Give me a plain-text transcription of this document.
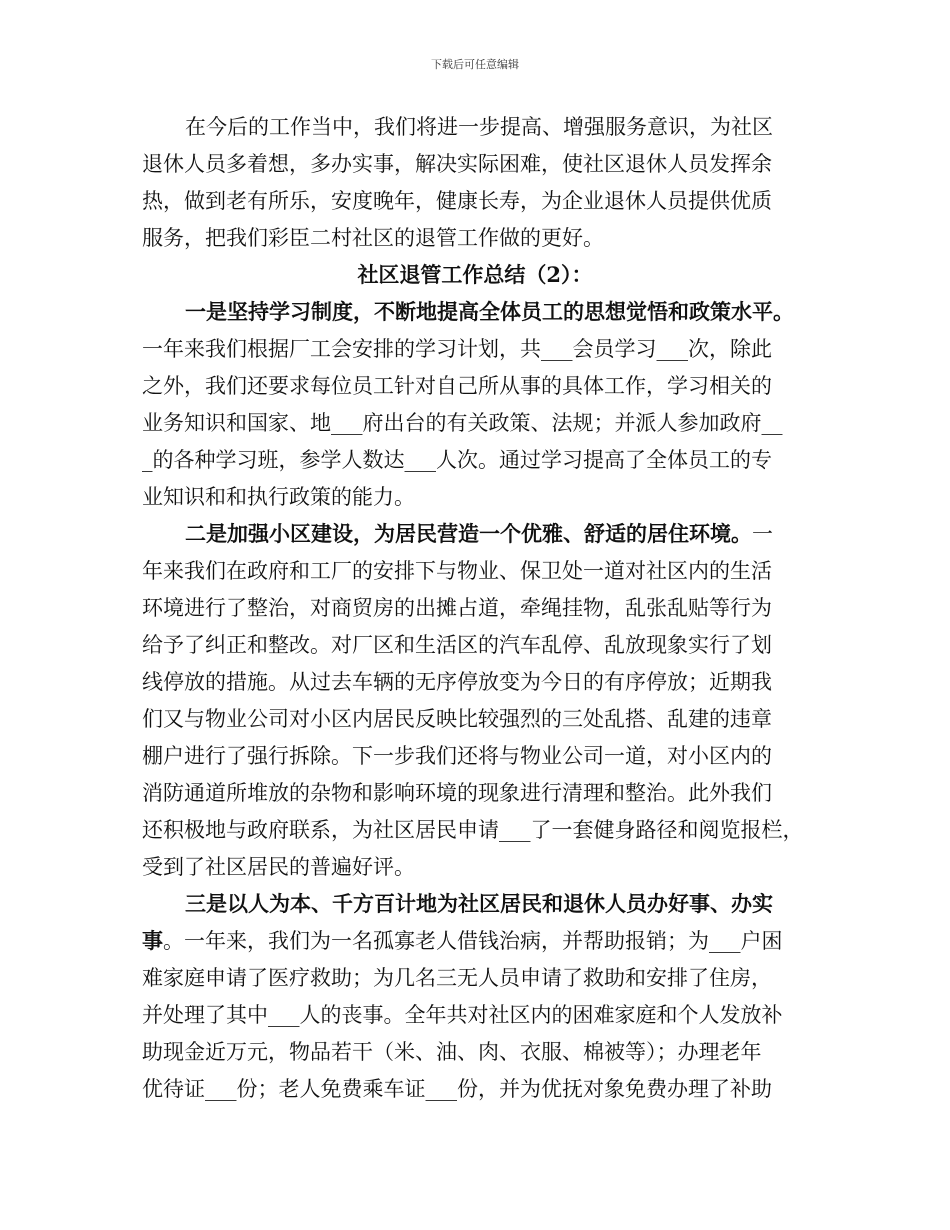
下载后可任意编辑
在今后的工作当中，我们将进一步提高、增强服务意识，为社区
退休人员多着想，多办实事，解决实际困难，使社区退休人员发挥余
热，做到老有所乐，安度晚年，健康长寿，为企业退休人员提供优质
服务，把我们彩臣二村社区的退管工作做的更好。
社区退管工作总结（2）：
一是坚持学习制度，不断地提高全体员工的思想觉悟和政策水平。
一年来我们根据厂工会安排的学习计划，共___会员学习___次，除此
之外，我们还要求每位员工针对自己所从事的具体工作，学习相关的
业务知识和国家、地___府出台的有关政策、法规；并派人参加政府__
_的各种学习班，参学人数达___人次。通过学习提高了全体员工的专
业知识和和执行政策的能力。
二是加强小区建设，为居民营造一个优雅、舒适的居住环境。一
年来我们在政府和工厂的安排下与物业、保卫处一道对社区内的生活
环境进行了整治，对商贸房的出摊占道，牵绳挂物，乱张乱贴等行为
给予了纠正和整改。对厂区和生活区的汽车乱停、乱放现象实行了划
线停放的措施。从过去车辆的无序停放变为今日的有序停放；近期我
们又与物业公司对小区内居民反映比较强烈的三处乱搭、乱建的违章
棚户进行了强行拆除。下一步我们还将与物业公司一道，对小区内的
消防通道所堆放的杂物和影响环境的现象进行清理和整治。此外我们
还积极地与政府联系，为社区居民申请___了一套健身路径和阅览报栏，
受到了社区居民的普遍好评。
三是以人为本、千方百计地为社区居民和退休人员办好事、办实
事。一年来，我们为一名孤寡老人借钱治病，并帮助报销；为___户困
难家庭申请了医疗救助；为几名三无人员申请了救助和安排了住房，
并处理了其中___人的丧事。全年共对社区内的困难家庭和个人发放补
助现金近万元，物品若干（米、油、肉、衣服、棉被等）；办理老年
优待证___份；老人免费乘车证___份，并为优抚对象免费办理了补助
